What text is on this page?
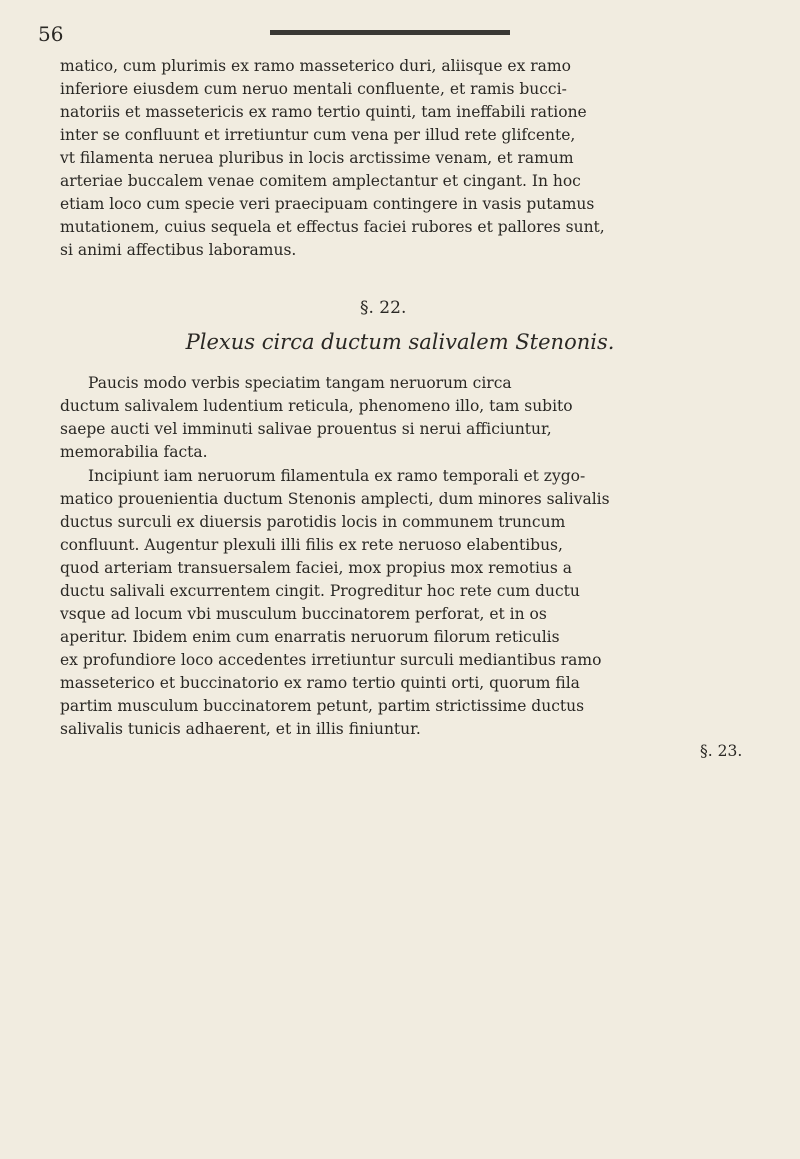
56
matico, cum plurimis ex ramo masseterico duri, aliisque ex ramo
inferiore eiusdem cum neruo mentali confluente, et ramis bucci-
natoriis et massetericis ex ramo tertio quinti, tam ineffabili ratione
inter se confluunt et irretiuntur cum vena per illud rete glifcente,
vt filamenta neruea pluribus in locis arctissime venam, et ramum
arteriae buccalem venae comitem amplectantur et cingant. In hoc
etiam loco cum specie veri praecipuam contingere in vasis putamus
mutationem, cuius sequela et effectus faciei rubores et pallores sunt,
si animi affectibus laboramus.
§. 22.
Plexus circa ductum salivalem Stenonis.
Paucis modo verbis speciatim tangam neruorum circa
ductum salivalem ludentium reticula, phenomeno illo, tam subito
saepe aucti vel imminuti salivae prouentus si nerui afficiuntur,
memorabilia facta.
Incipiunt iam neruorum filamentula ex ramo temporali et zygo-
matico prouenientia ductum Stenonis amplecti, dum minores salivalis
ductus surculi ex diuersis parotidis locis in communem truncum
confluunt. Augentur plexuli illi filis ex rete neruoso elabentibus,
quod arteriam transuersalem faciei, mox propius mox remotius a
ductu salivali excurrentem cingit. Progreditur hoc rete cum ductu
vsque ad locum vbi musculum buccinatorem perforat, et in os
aperitur. Ibidem enim cum enarratis neruorum filorum reticulis
ex profundiore loco accedentes irretiuntur surculi mediantibus ramo
masseterico et buccinatorio ex ramo tertio quinti orti, quorum fila
partim musculum buccinatorem petunt, partim strictissime ductus
salivalis tunicis adhaerent, et in illis finiuntur.
§. 23.
